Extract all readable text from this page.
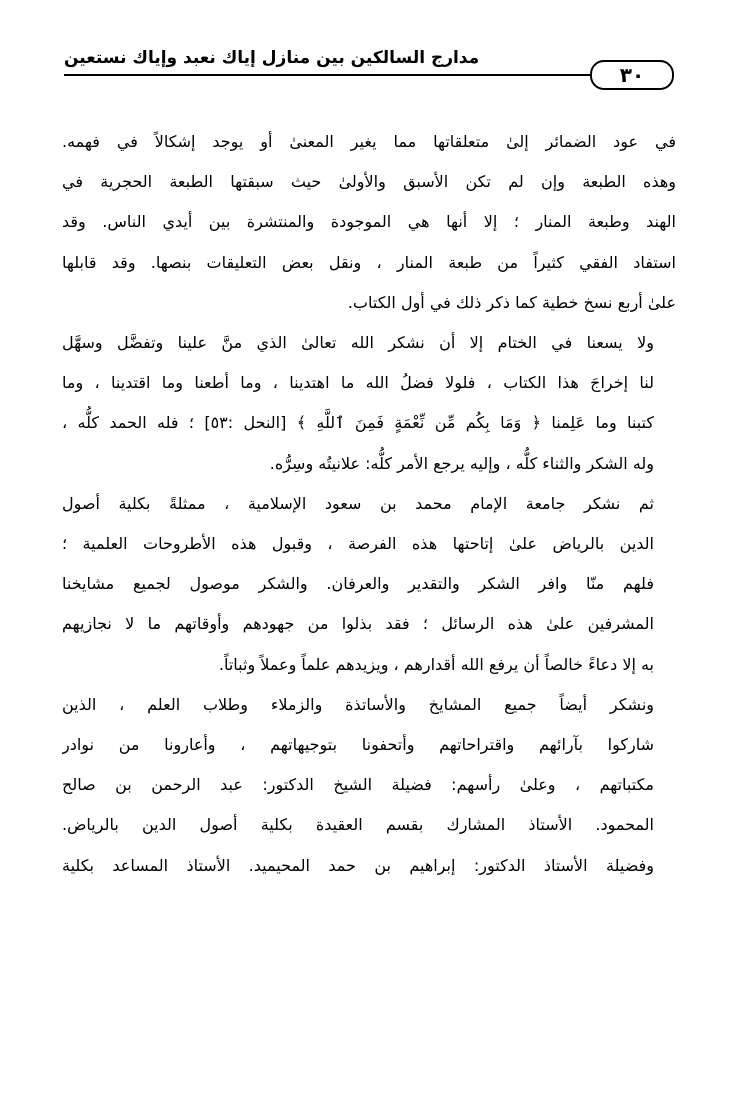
مدارج السالكين بين منازل إياك نعبد وإياك نستعين
٣٠

في عود الضمائر إلىٰ متعلقاتها مما يغير المعنىٰ أو يوجد إشكالاً في فهمه.
وهذه الطبعة وإن لم تكن الأسبق والأولىٰ حيث سبقتها الطبعة الحجرية في
الهند وطبعة المنار ؛ إلا أنها هي الموجودة والمنتشرة بين أيدي الناس. وقد
استفاد الفقي كثيراً من طبعة المنار ، ونقل بعض التعليقات بنصها. وقد قابلها
علىٰ أربع نسخ خطية كما ذكر ذلك في أول الكتاب.

ولا يسعنا في الختام إلا أن نشكر الله تعالىٰ الذي منَّ علينا وتفضَّل وسهَّل
لنا إخراجَ هذا الكتاب ، فلولا فضلُ الله ما اهتدينا ، وما أطعنا وما اقتدينا ، وما
كتبنا وما عَلِمنا ﴿ وَمَا بِكُم مِّن نِّعْمَةٍ فَمِنَ ٱللَّهِ ﴾ [النحل :٥٣] ؛ فله الحمد كلُّه ،
وله الشكر والثناء كلُّه ، وإليه يرجع الأمر كلُّه: علانيتُه وسِرُّه.

ثم نشكر جامعة الإمام محمد بن سعود الإسلامية ، ممثلةً بكلية أصول
الدين بالرياض علىٰ إتاحتها هذه الفرصة ، وقبول هذه الأطروحات العلمية ؛
فلهم منّا وافر الشكر والتقدير والعرفان. والشكر موصول لجميع مشايخنا
المشرفين علىٰ هذه الرسائل ؛ فقد بذلوا من جهودهم وأوقاتهم ما لا نجازيهم
به إلا دعاءً خالصاً أن يرفع الله أقدارهم ، ويزيدهم علماً وعملاً وثباتاً.

ونشكر أيضاً جميع المشايخ والأساتذة والزملاء وطلاب العلم ، الذين
شاركوا بآرائهم واقتراحاتهم وأتحفونا بتوجيهاتهم ، وأعارونا من نوادر
مكتباتهم ، وعلىٰ رأسهم: فضيلة الشيخ الدكتور: عبد الرحمن بن صالح
المحمود. الأستاذ المشارك بقسم العقيدة بكلية أصول الدين بالرياض.
وفضيلة الأستاذ الدكتور: إبراهيم بن حمد المحيميد. الأستاذ المساعد بكلية
